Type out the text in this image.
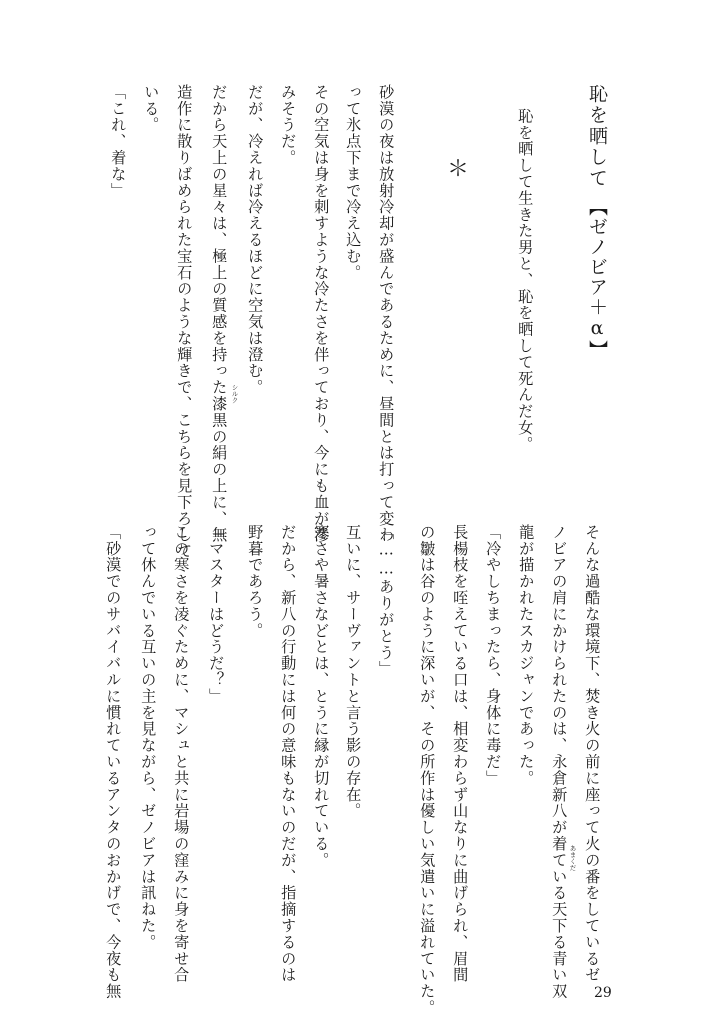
恥を晒して
【ゼノビア＋α】
恥を晒して生きた男と、恥を晒して死んだ女。
＊
砂漠の夜は放射冷却が盛んであるために、昼間とは打って変わ
って氷点下まで冷え込む。
その空気は身を刺すような冷たさを伴っており、今にも血が滲
みそうだ。
だが、冷えれば冷えるほどに空気は澄む。
だから天上の星々は、極上の質感を持った漆黒の絹の上に、無 シルク
造作に散りばめられた宝石のような輝きで、こちらを見下ろして
いる。
「これ、着な」
そんな過酷な環境下、焚き火の前に座って火の番をしているゼ
あまくだ
ノビアの肩にかけられたのは、永倉新八が着ている天下る青い双
龍が描かれたスカジャンであった。
「冷やしちまったら、身体に毒だ」
長楊枝を咥えている口は、相変わらず山なりに曲げられ、眉間
の皺は谷のように深いが、その所作は優しい気遣いに溢れていた。
「……ありがとう」
互いに、サーヴァントと言う影の存在。
寒さや暑さなどとは、とうに縁が切れている。
だから、新八の行動には何の意味もないのだが、指摘するのは
野暮であろう。
「マスターはどうだ？」
この寒さを凌ぐために、マシュと共に岩場の窪みに身を寄せ合
って休んでいる互いの主を見ながら、ゼノビアは訊ねた。
「砂漠でのサバイバルに慣れているアンタのおかげで、今夜も無	29
